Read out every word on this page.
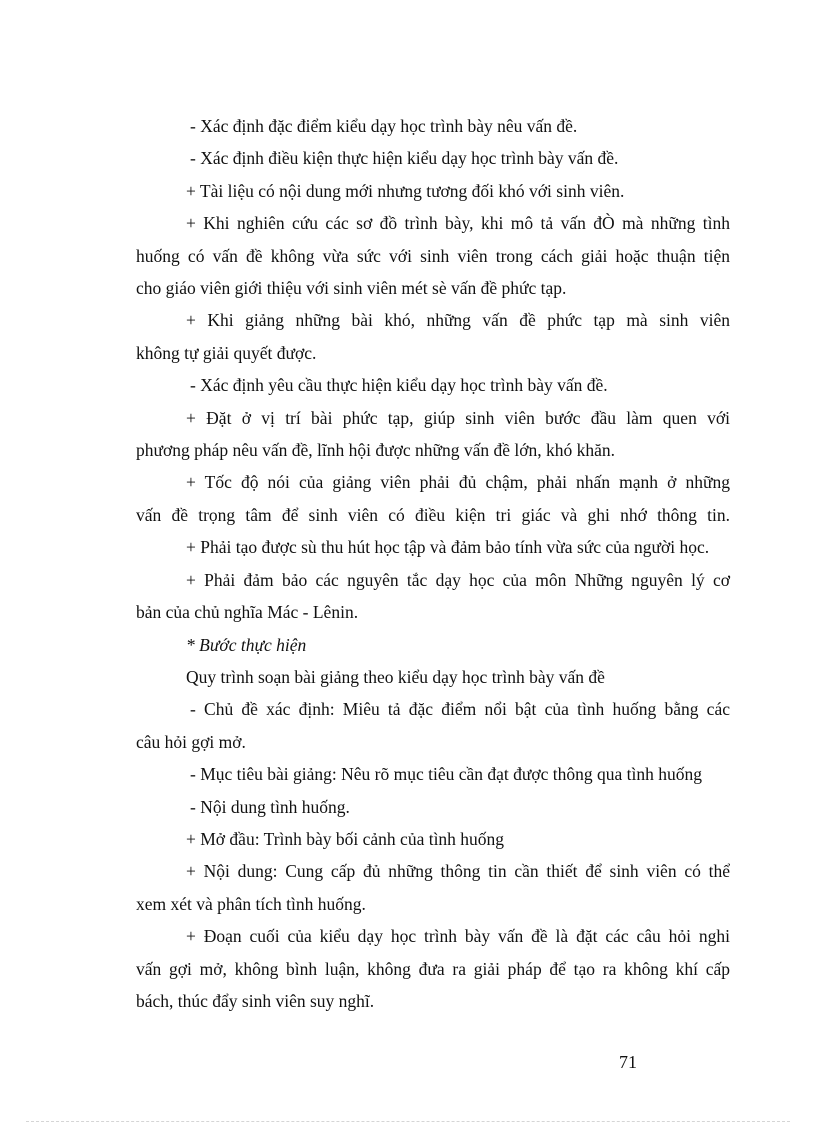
- Xác định đặc điểm kiểu dạy học trình bày nêu vấn đề.
- Xác định điều kiện thực hiện kiểu dạy học trình bày vấn đề.
+ Tài liệu có nội dung mới nhưng tương đối khó với sinh viên.
+ Khi nghiên cứu các sơ đồ trình bày, khi mô tả vấn đÒ mà những tình
huống có vấn đề không vừa sức với sinh viên trong cách giải hoặc thuận tiện
cho giáo viên giới thiệu với sinh viên mét sè vấn đề phức tạp.
+ Khi giảng những bài khó, những vấn đề phức tạp mà sinh viên
không tự giải quyết được.
- Xác định yêu cầu thực hiện kiểu dạy học trình bày vấn đề.
+ Đặt ở vị trí bài phức tạp, giúp sinh viên bước đầu làm quen với
phương pháp nêu vấn đề, lĩnh hội được những vấn đề lớn, khó khăn.
+ Tốc độ nói của giảng viên phải đủ chậm, phải nhấn mạnh ở những
vấn đề trọng tâm để sinh viên có điều kiện tri giác và ghi nhớ thông tin.
+ Phải tạo được sù thu hút học tập và đảm bảo tính vừa sức của người học.
+ Phải đảm bảo các nguyên tắc dạy học của môn Những nguyên lý cơ
bản của chủ nghĩa Mác - Lênin.
* Bước thực hiện
Quy trình soạn bài giảng theo kiểu dạy học trình bày vấn đề
- Chủ đề xác định: Miêu tả đặc điểm nổi bật của tình huống bằng các
câu hỏi gợi mở.
- Mục tiêu bài giảng: Nêu rõ mục tiêu cần đạt được thông qua tình huống
- Nội dung tình huống.
+ Mở đầu: Trình bày bối cảnh của tình huống
+ Nội dung: Cung cấp đủ những thông tin cần thiết để sinh viên có thể
xem xét và phân tích tình huống.
+ Đoạn cuối của kiểu dạy học trình bày vấn đề là đặt các câu hỏi nghi
vấn gợi mở, không bình luận, không đưa ra giải pháp để tạo ra không khí cấp
bách, thúc đẩy sinh viên suy nghĩ.
71
